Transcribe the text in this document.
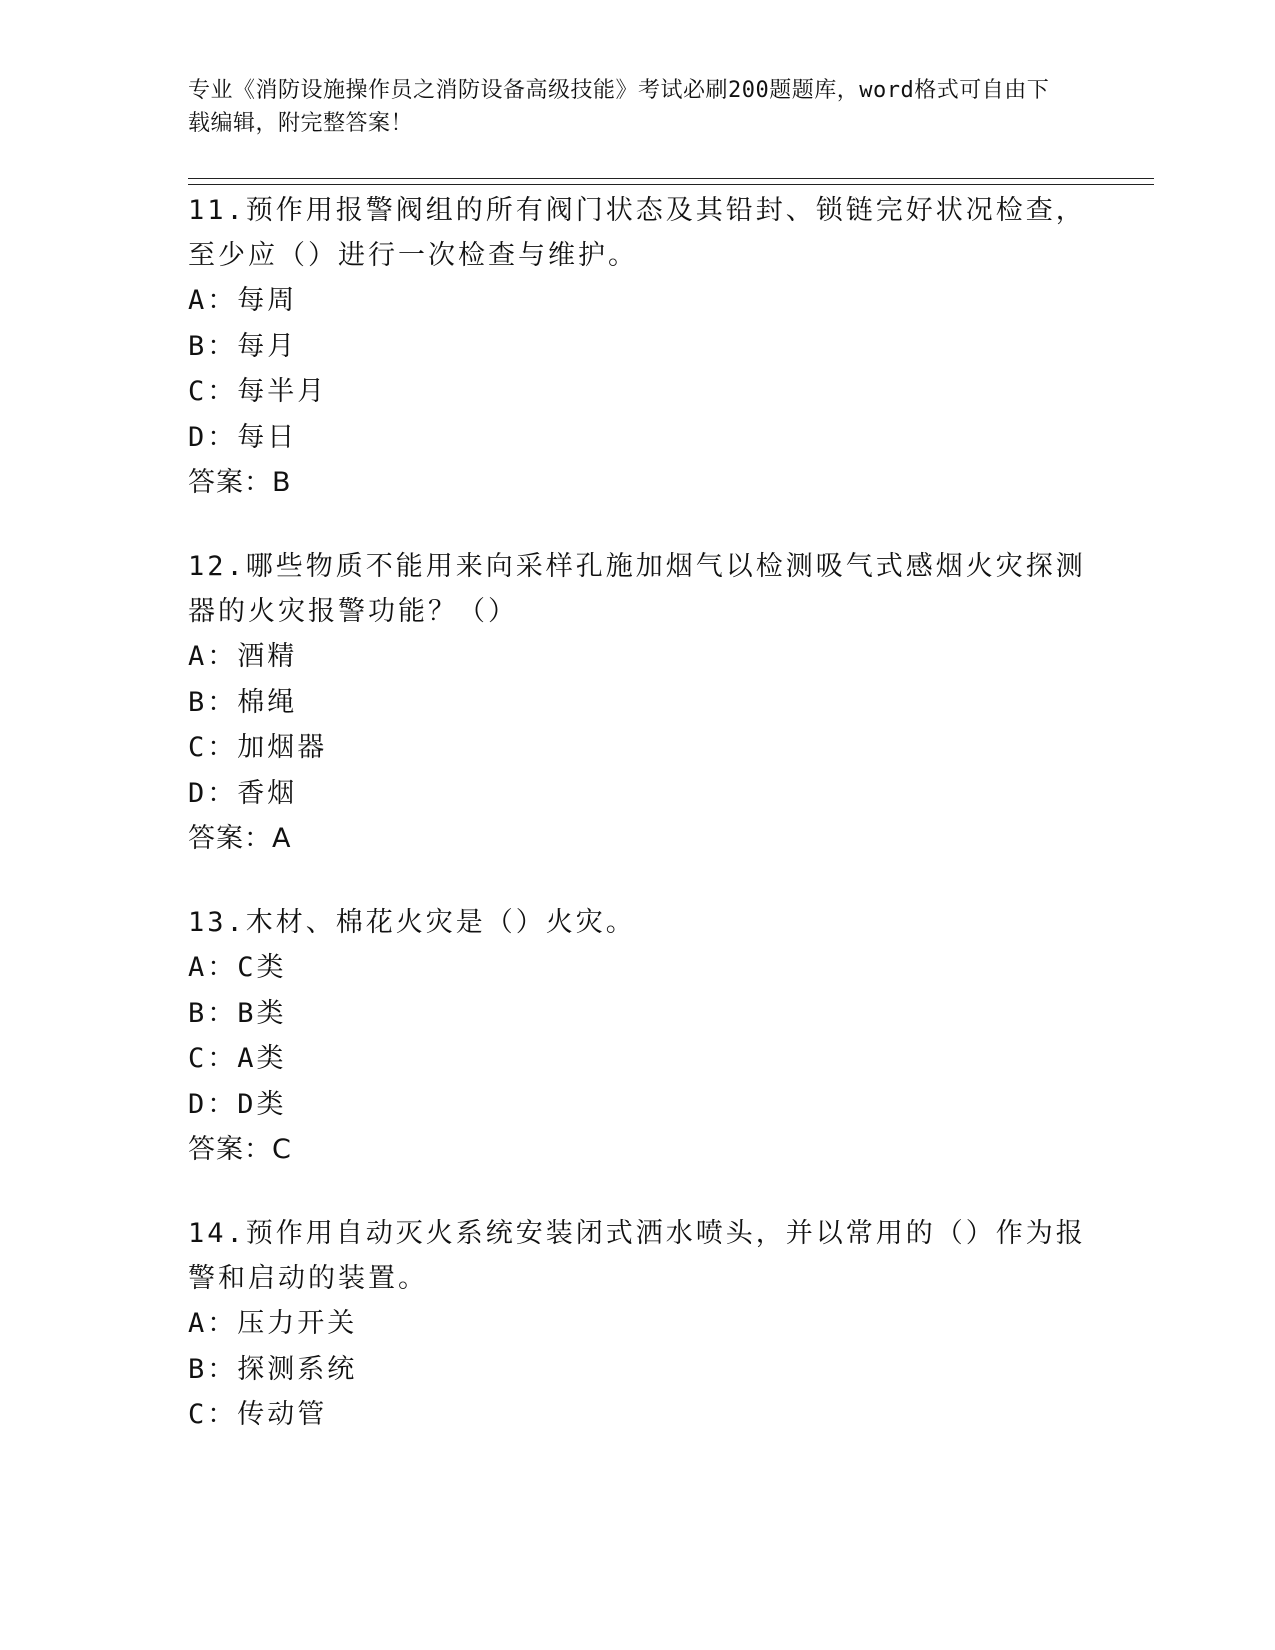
专业《消防设施操作员之消防设备高级技能》考试必刷200题题库，word格式可自由下载编辑，附完整答案！

11.预作用报警阀组的所有阀门状态及其铅封、锁链完好状况检查，至少应（）进行一次检查与维护。

A：每周

B：每月

C：每半月

D：每日

答案：B

12.哪些物质不能用来向采样孔施加烟气以检测吸气式感烟火灾探测器的火灾报警功能？（）

A：酒精

B：棉绳

C：加烟器

D：香烟

答案：A

13.木材、棉花火灾是（）火灾。

A：C类

B：B类

C：A类

D：D类

答案：C

14.预作用自动灭火系统安装闭式洒水喷头，并以常用的（）作为报警和启动的装置。

A：压力开关

B：探测系统

C：传动管
